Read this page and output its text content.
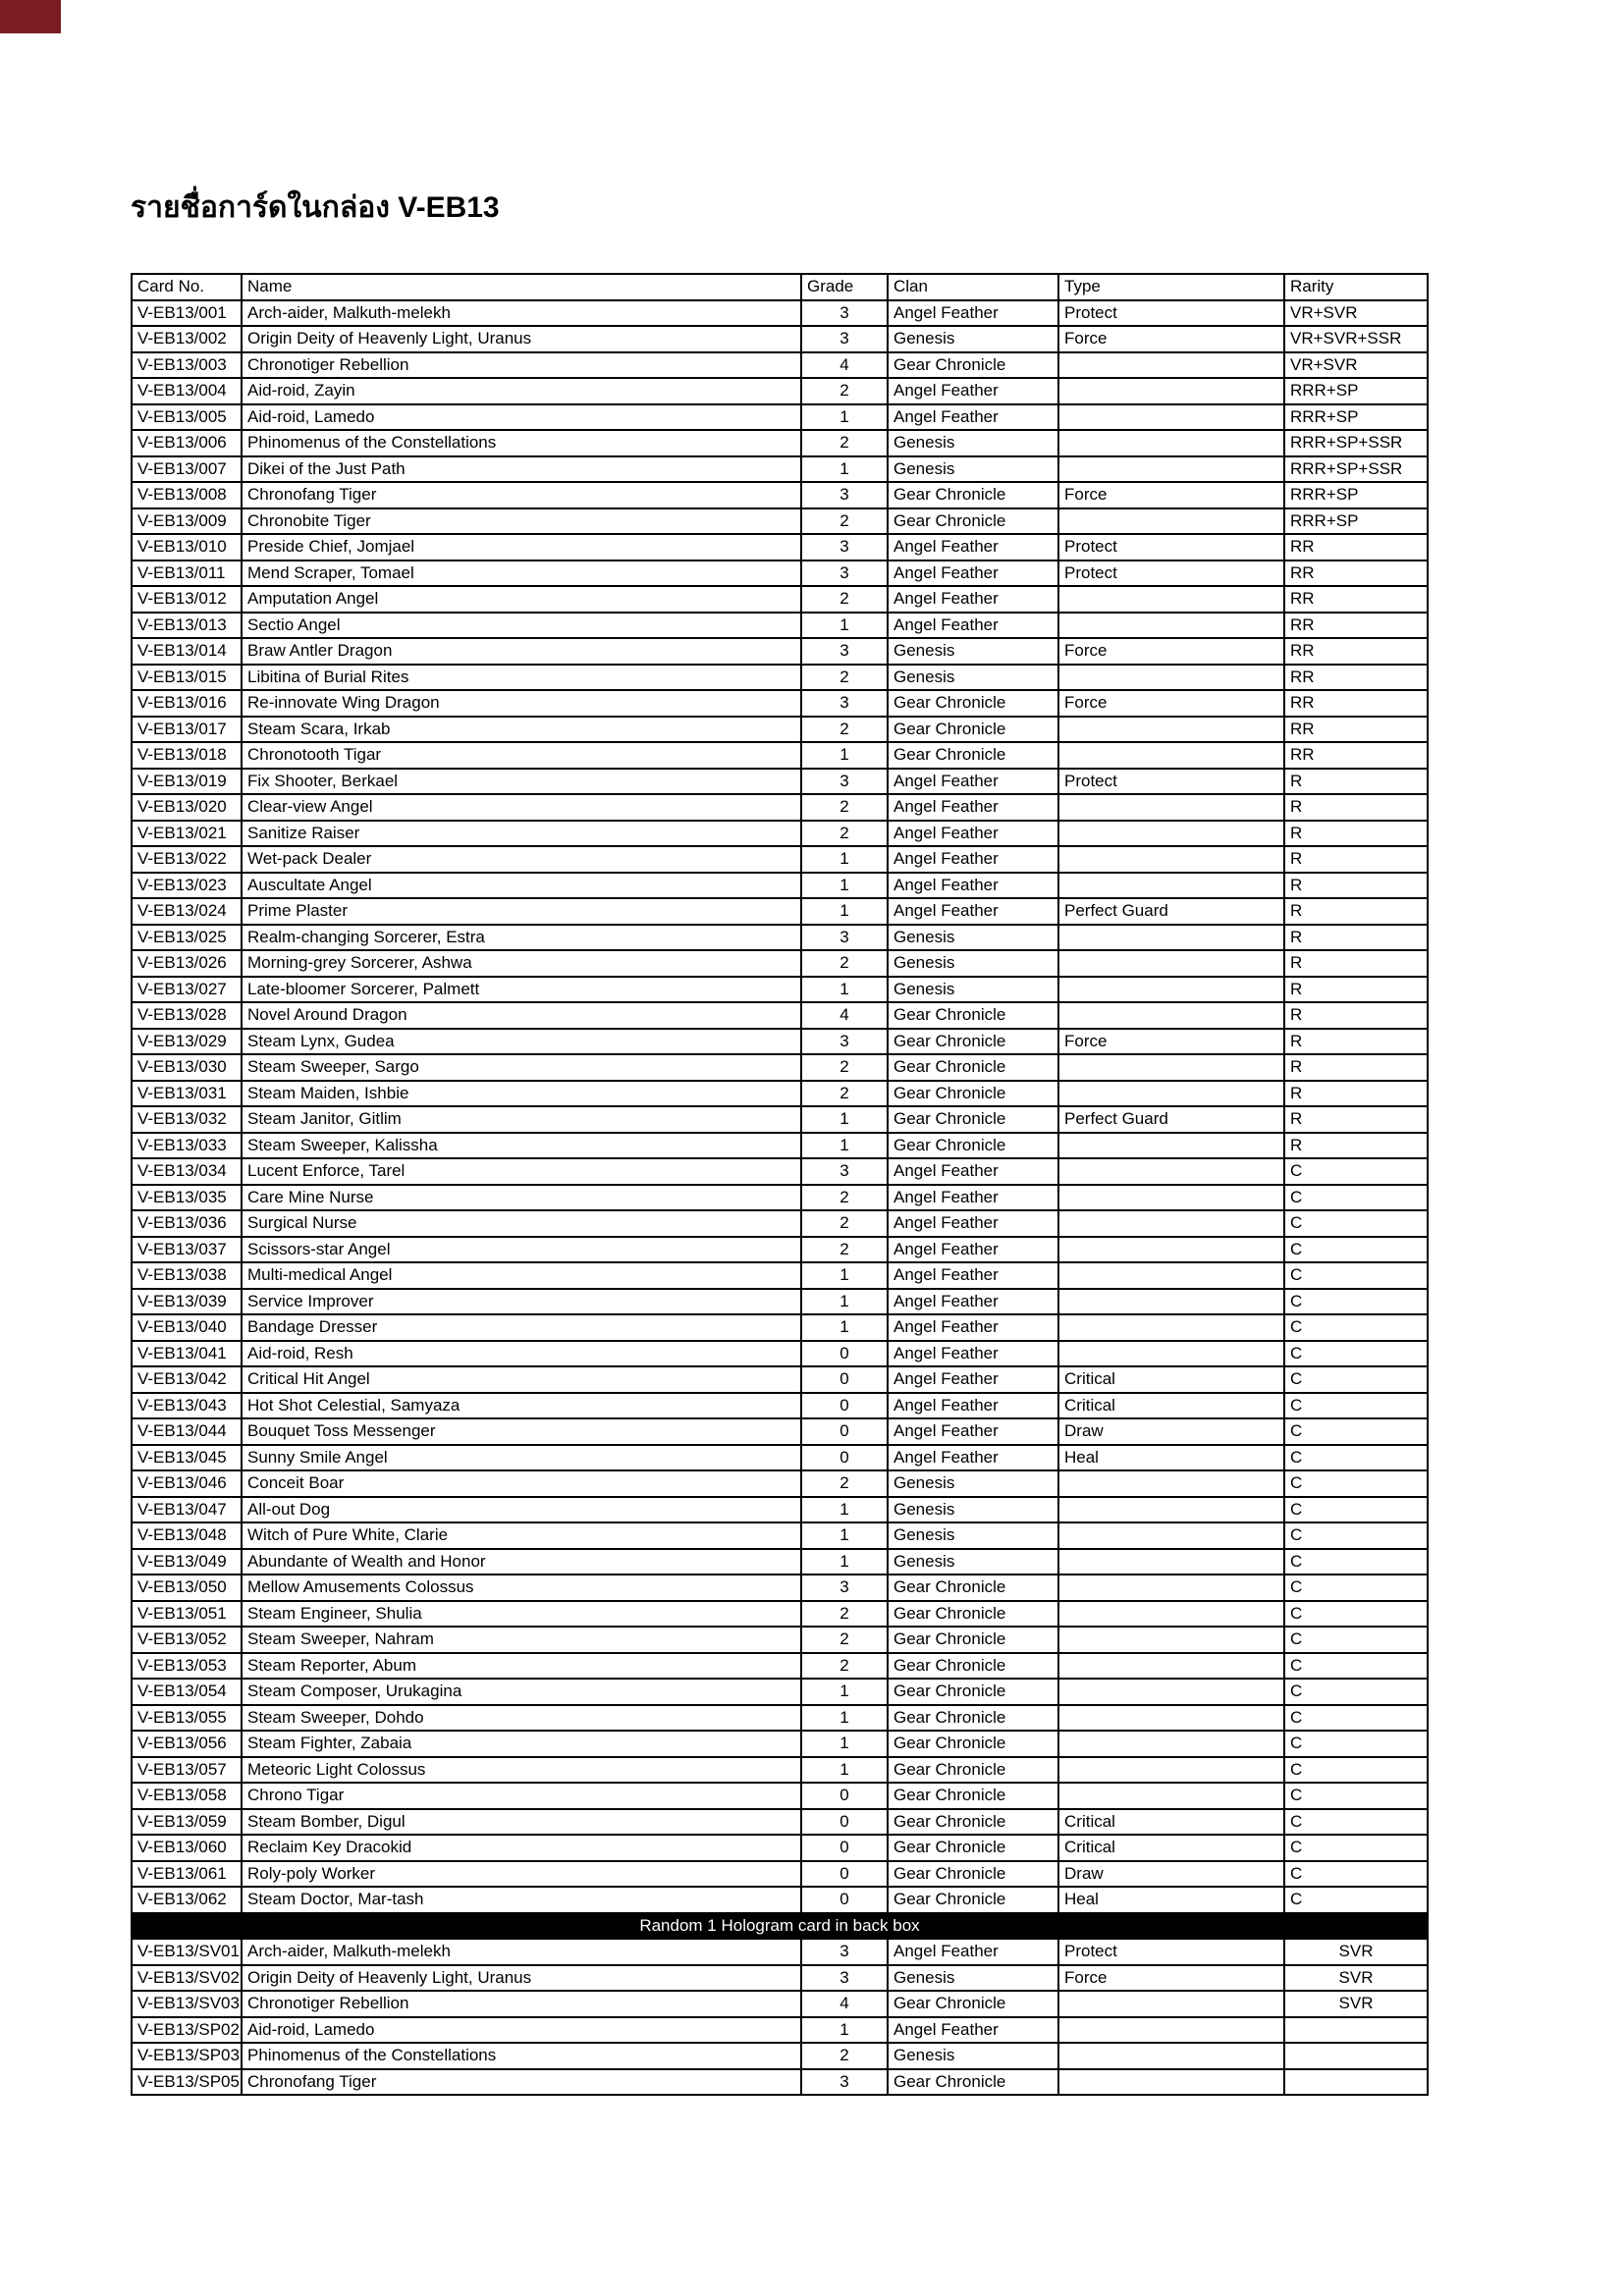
รายชื่อการ์ดในกล่อง V-EB13
Card No.	Name	Grade	Clan	Type	Rarity
V-EB13/001	Arch-aider, Malkuth-melekh	3	Angel Feather	Protect	VR+SVR
V-EB13/002	Origin Deity of Heavenly Light, Uranus	3	Genesis	Force	VR+SVR+SSR
V-EB13/003	Chronotiger Rebellion	4	Gear Chronicle		VR+SVR
V-EB13/004	Aid-roid, Zayin	2	Angel Feather		RRR+SP
V-EB13/005	Aid-roid, Lamedo	1	Angel Feather		RRR+SP
V-EB13/006	Phinomenus of the Constellations	2	Genesis		RRR+SP+SSR
V-EB13/007	Dikei of the Just Path	1	Genesis		RRR+SP+SSR
V-EB13/008	Chronofang Tiger	3	Gear Chronicle	Force	RRR+SP
V-EB13/009	Chronobite Tiger	2	Gear Chronicle		RRR+SP
V-EB13/010	Preside Chief, Jomjael	3	Angel Feather	Protect	RR
V-EB13/011	Mend Scraper, Tomael	3	Angel Feather	Protect	RR
V-EB13/012	Amputation Angel	2	Angel Feather		RR
V-EB13/013	Sectio Angel	1	Angel Feather		RR
V-EB13/014	Braw Antler Dragon	3	Genesis	Force	RR
V-EB13/015	Libitina of Burial Rites	2	Genesis		RR
V-EB13/016	Re-innovate Wing Dragon	3	Gear Chronicle	Force	RR
V-EB13/017	Steam Scara, Irkab	2	Gear Chronicle		RR
V-EB13/018	Chronotooth Tigar	1	Gear Chronicle		RR
V-EB13/019	Fix Shooter, Berkael	3	Angel Feather	Protect	R
V-EB13/020	Clear-view Angel	2	Angel Feather		R
V-EB13/021	Sanitize Raiser	2	Angel Feather		R
V-EB13/022	Wet-pack Dealer	1	Angel Feather		R
V-EB13/023	Auscultate Angel	1	Angel Feather		R
V-EB13/024	Prime Plaster	1	Angel Feather	Perfect Guard	R
V-EB13/025	Realm-changing Sorcerer, Estra	3	Genesis		R
V-EB13/026	Morning-grey Sorcerer, Ashwa	2	Genesis		R
V-EB13/027	Late-bloomer Sorcerer, Palmett	1	Genesis		R
V-EB13/028	Novel Around Dragon	4	Gear Chronicle		R
V-EB13/029	Steam Lynx, Gudea	3	Gear Chronicle	Force	R
V-EB13/030	Steam Sweeper, Sargo	2	Gear Chronicle		R
V-EB13/031	Steam Maiden, Ishbie	2	Gear Chronicle		R
V-EB13/032	Steam Janitor, Gitlim	1	Gear Chronicle	Perfect Guard	R
V-EB13/033	Steam Sweeper, Kalissha	1	Gear Chronicle		R
V-EB13/034	Lucent Enforce, Tarel	3	Angel Feather		C
V-EB13/035	Care Mine Nurse	2	Angel Feather		C
V-EB13/036	Surgical Nurse	2	Angel Feather		C
V-EB13/037	Scissors-star Angel	2	Angel Feather		C
V-EB13/038	Multi-medical Angel	1	Angel Feather		C
V-EB13/039	Service Improver	1	Angel Feather		C
V-EB13/040	Bandage Dresser	1	Angel Feather		C
V-EB13/041	Aid-roid, Resh	0	Angel Feather		C
V-EB13/042	Critical Hit Angel	0	Angel Feather	Critical	C
V-EB13/043	Hot Shot Celestial, Samyaza	0	Angel Feather	Critical	C
V-EB13/044	Bouquet Toss Messenger	0	Angel Feather	Draw	C
V-EB13/045	Sunny Smile Angel	0	Angel Feather	Heal	C
V-EB13/046	Conceit Boar	2	Genesis		C
V-EB13/047	All-out Dog	1	Genesis		C
V-EB13/048	Witch of Pure White, Clarie	1	Genesis		C
V-EB13/049	Abundante of Wealth and Honor	1	Genesis		C
V-EB13/050	Mellow Amusements Colossus	3	Gear Chronicle		C
V-EB13/051	Steam Engineer, Shulia	2	Gear Chronicle		C
V-EB13/052	Steam Sweeper, Nahram	2	Gear Chronicle		C
V-EB13/053	Steam Reporter, Abum	2	Gear Chronicle		C
V-EB13/054	Steam Composer, Urukagina	1	Gear Chronicle		C
V-EB13/055	Steam Sweeper, Dohdo	1	Gear Chronicle		C
V-EB13/056	Steam Fighter, Zabaia	1	Gear Chronicle		C
V-EB13/057	Meteoric Light Colossus	1	Gear Chronicle		C
V-EB13/058	Chrono Tigar	0	Gear Chronicle		C
V-EB13/059	Steam Bomber, Digul	0	Gear Chronicle	Critical	C
V-EB13/060	Reclaim Key Dracokid	0	Gear Chronicle	Critical	C
V-EB13/061	Roly-poly Worker	0	Gear Chronicle	Draw	C
V-EB13/062	Steam Doctor, Mar-tash	0	Gear Chronicle	Heal	C
Random 1 Hologram card in back box					
V-EB13/SV01	Arch-aider, Malkuth-melekh	3	Angel Feather	Protect	SVR
V-EB13/SV02	Origin Deity of Heavenly Light, Uranus	3	Genesis	Force	SVR
V-EB13/SV03	Chronotiger Rebellion	4	Gear Chronicle		SVR
V-EB13/SP02	Aid-roid, Lamedo	1	Angel Feather		
V-EB13/SP03	Phinomenus of the Constellations	2	Genesis		
V-EB13/SP05	Chronofang Tiger	3	Gear Chronicle		
